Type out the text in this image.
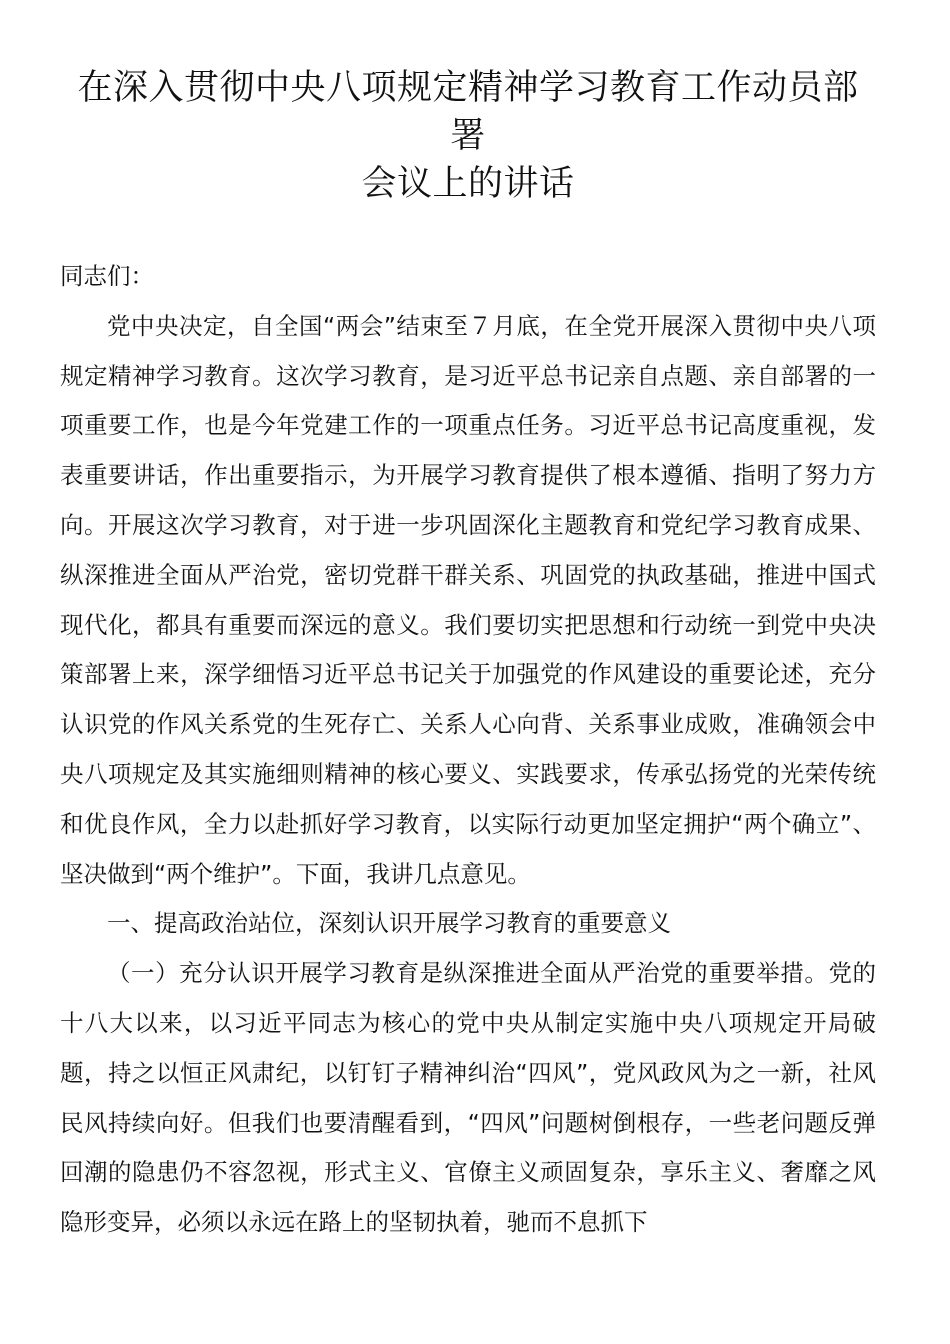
在深入贯彻中央八项规定精神学习教育工作动员部署
会议上的讲话

同志们：

党中央决定，自全国“两会”结束至７月底，在全党开展深入贯彻中央八项规定精神学习教育。这次学习教育，是习近平总书记亲自点题、亲自部署的一项重要工作，也是今年党建工作的一项重点任务。习近平总书记高度重视，发表重要讲话，作出重要指示，为开展学习教育提供了根本遵循、指明了努力方向。开展这次学习教育，对于进一步巩固深化主题教育和党纪学习教育成果、纵深推进全面从严治党，密切党群干群关系、巩固党的执政基础，推进中国式现代化，都具有重要而深远的意义。我们要切实把思想和行动统一到党中央决策部署上来，深学细悟习近平总书记关于加强党的作风建设的重要论述，充分认识党的作风关系党的生死存亡、关系人心向背、关系事业成败，准确领会中央八项规定及其实施细则精神的核心要义、实践要求，传承弘扬党的光荣传统和优良作风，全力以赴抓好学习教育，以实际行动更加坚定拥护“两个确立”、坚决做到“两个维护”。下面，我讲几点意见。

一、提高政治站位，深刻认识开展学习教育的重要意义

（一）充分认识开展学习教育是纵深推进全面从严治党的重要举措。党的十八大以来，以习近平同志为核心的党中央从制定实施中央八项规定开局破题，持之以恒正风肃纪，以钉钉子精神纠治“四风”，党风政风为之一新，社风民风持续向好。但我们也要清醒看到，“四风”问题树倒根存，一些老问题反弹回潮的隐患仍不容忽视，形式主义、官僚主义顽固复杂，享乐主义、奢靡之风隐形变异，必须以永远在路上的坚韧执着，驰而不息抓下
